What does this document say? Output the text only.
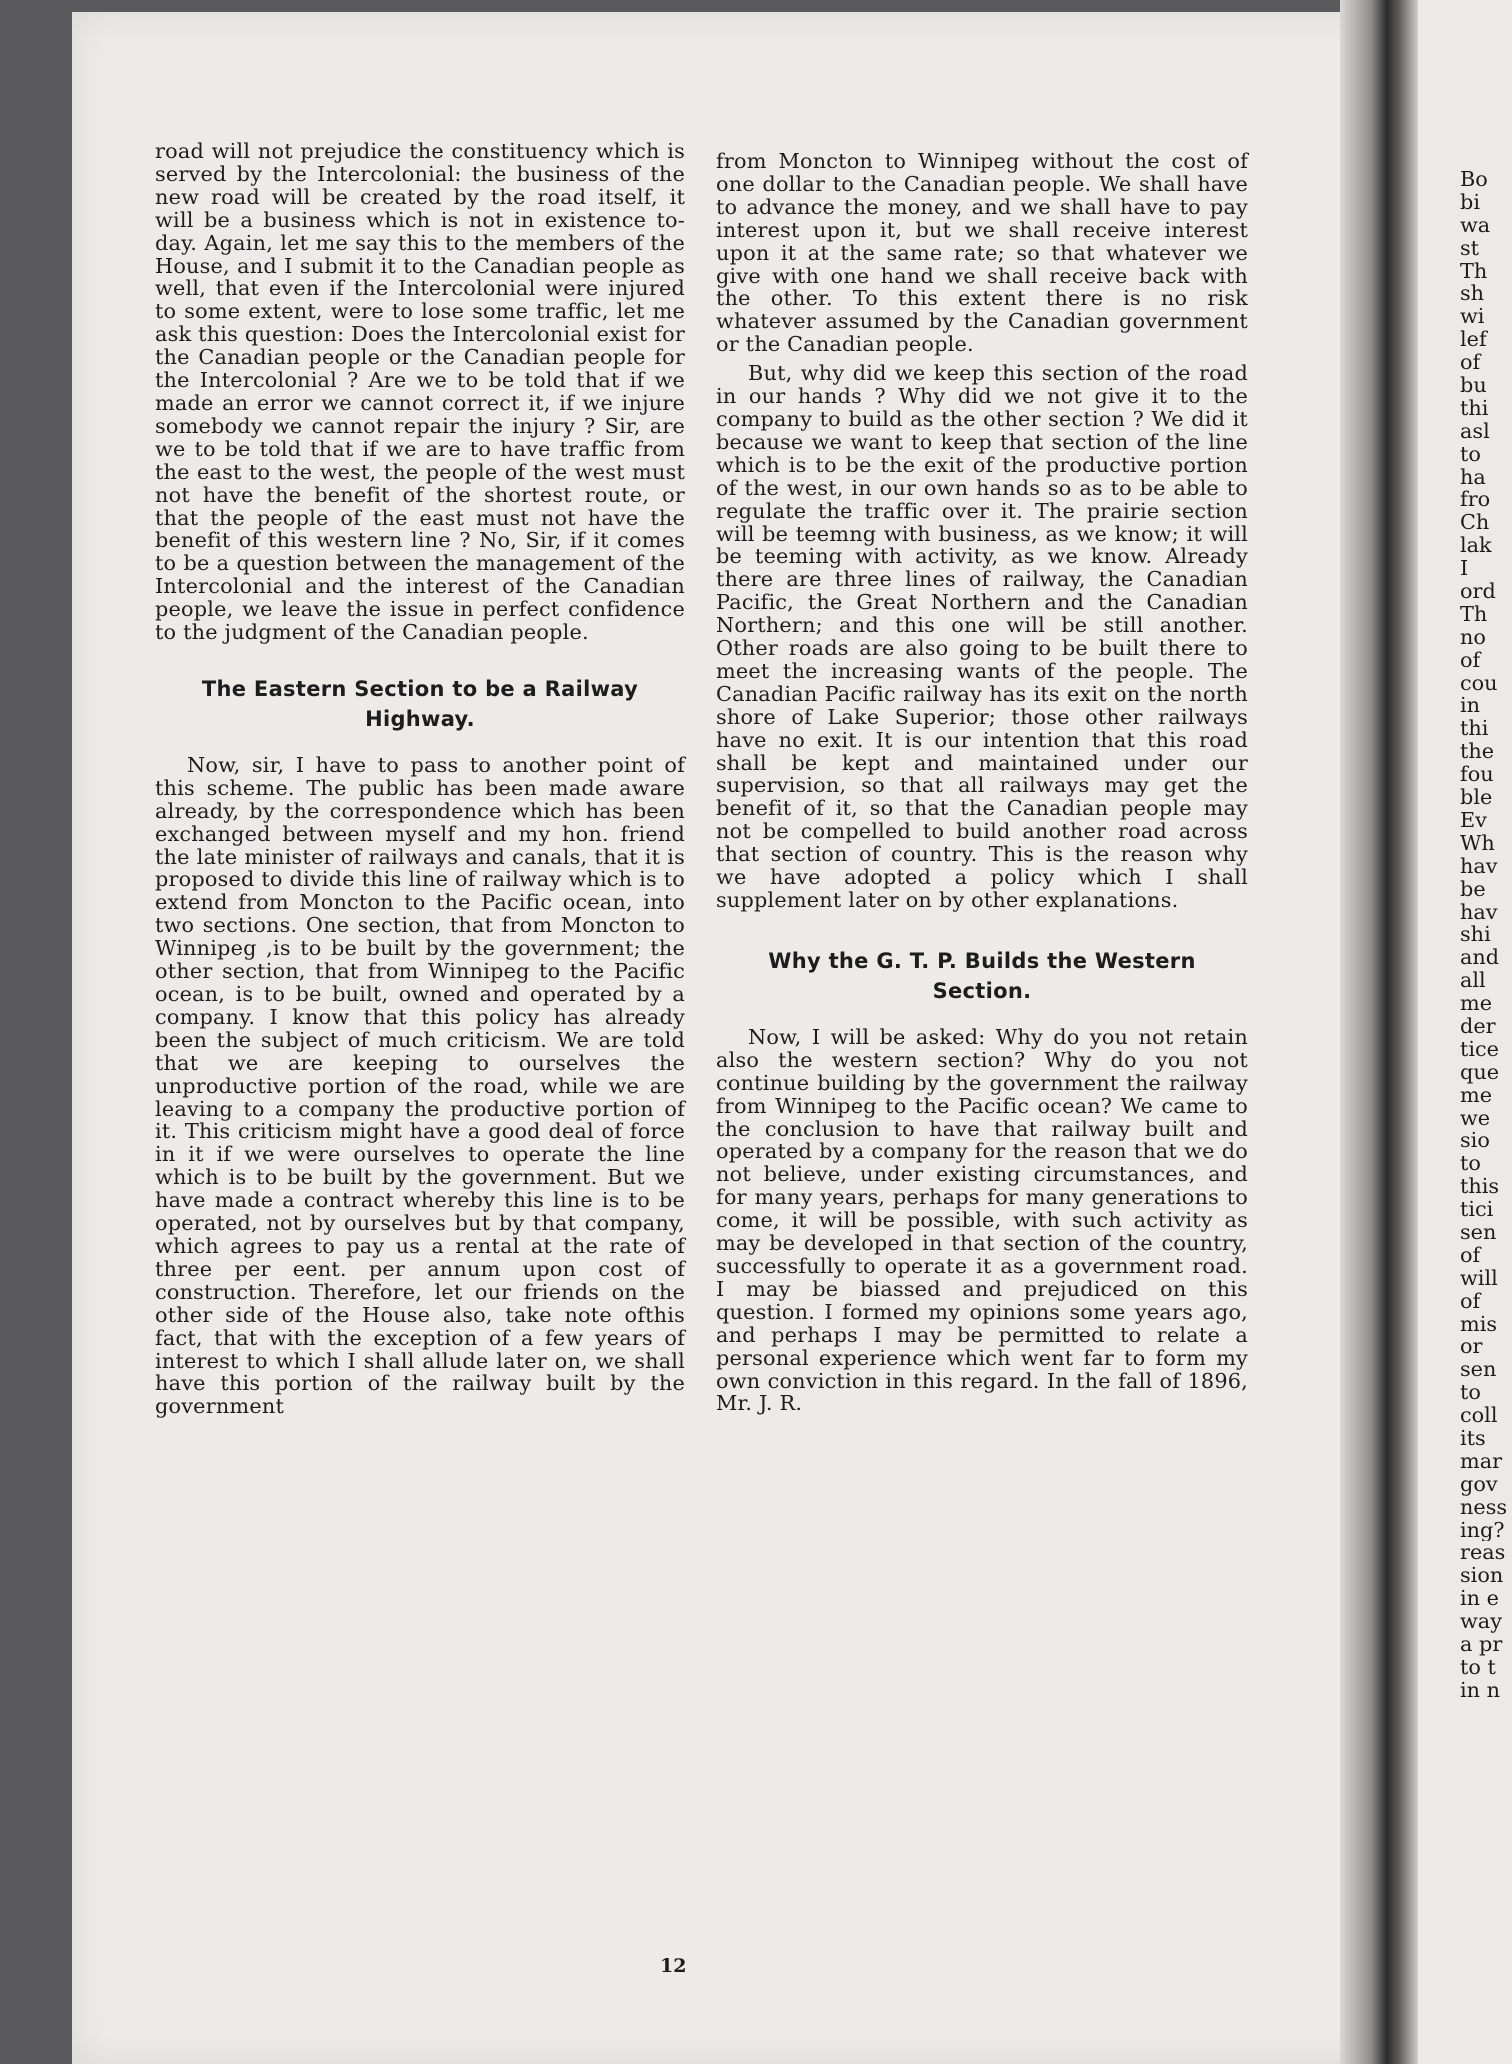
road will not prejudice the constituency which is served by the Intercolonial: the business of the new road will be created by the road itself, it will be a business which is not in existence to-day. Again, let me say this to the members of the House, and I submit it to the Canadian people as well, that even if the Intercolonial were injured to some extent, were to lose some traffic, let me ask this question: Does the Intercolonial exist for the Canadian people or the Canadian people for the Intercolonial ? Are we to be told that if we made an error we cannot correct it, if we injure somebody we cannot repair the injury ? Sir, are we to be told that if we are to have traffic from the east to the west, the people of the west must not have the benefit of the shortest route, or that the people of the east must not have the benefit of this western line ? No, Sir, if it comes to be a question between the management of the Intercolonial and the interest of the Canadian people, we leave the issue in perfect confidence to the judgment of the Canadian people.

The Eastern Section to be a Railway Highway.

Now, sir, I have to pass to another point of this scheme. The public has been made aware already, by the correspondence which has been exchanged between myself and my hon. friend the late minister of railways and canals, that it is proposed to divide this line of railway which is to extend from Moncton to the Pacific ocean, into two sections. One section, that from Moncton to Winnipeg ,is to be built by the government; the other section, that from Winnipeg to the Pacific ocean, is to be built, owned and operated by a company. I know that this policy has already been the subject of much criticism. We are told that we are keeping to ourselves the unproductive portion of the road, while we are leaving to a company the productive portion of it. This criticism might have a good deal of force in it if we were ourselves to operate the line which is to be built by the government. But we have made a contract whereby this line is to be operated, not by ourselves but by that company, which agrees to pay us a rental at the rate of three per eent. per annum upon cost of construction. Therefore, let our friends on the other side of the House also, take note ofthis fact, that with the exception of a few years of interest to which I shall allude later on, we shall have this portion of the railway built by the government

from Moncton to Winnipeg without the cost of one dollar to the Canadian people. We shall have to advance the money, and we shall have to pay interest upon it, but we shall receive interest upon it at the same rate; so that whatever we give with one hand we shall receive back with the other. To this extent there is no risk whatever assumed by the Canadian government or the Canadian people.

But, why did we keep this section of the road in our hands ? Why did we not give it to the company to build as the other section ? We did it because we want to keep that section of the line which is to be the exit of the productive portion of the west, in our own hands so as to be able to regulate the traffic over it. The prairie section will be teemng with business, as we know; it will be teeming with activity, as we know. Already there are three lines of railway, the Canadian Pacific, the Great Northern and the Canadian Northern; and this one will be still another. Other roads are also going to be built there to meet the increasing wants of the people. The Canadian Pacific railway has its exit on the north shore of Lake Superior; those other railways have no exit. It is our intention that this road shall be kept and maintained under our supervision, so that all railways may get the benefit of it, so that the Canadian people may not be compelled to build another road across that section of country. This is the reason why we have adopted a policy which I shall supplement later on by other explanations.

Why the G. T. P. Builds the Western Section.

Now, I will be asked: Why do you not retain also the western section? Why do you not continue building by the government the railway from Winnipeg to the Pacific ocean? We came to the conclusion to have that railway built and operated by a company for the reason that we do not believe, under existing circumstances, and for many years, perhaps for many generations to come, it will be possible, with such activity as may be developed in that section of the country, successfully to operate it as a government road. I may be biassed and prejudiced on this question. I formed my opinions some years ago, and perhaps I may be permitted to relate a personal experience which went far to form my own conviction in this regard. In the fall of 1896, Mr. J. R.

12
Bo
bi
wa
st
Th
sh
wi
lef
of
bu
thi
asl
to
ha
fro
Ch
lak
I
ord
Th
no
of
cou
in
thi
the
fou
ble
Ev
Wh
hav
be
hav
shi
and
all
me
der
tice
que
me
we
sio
to
this
tici
sen
of
will
of
mis
or
sen
to
coll
its
mar
gov
ness
ing?
reas
sion
in e
way
a pr
to t
in n
